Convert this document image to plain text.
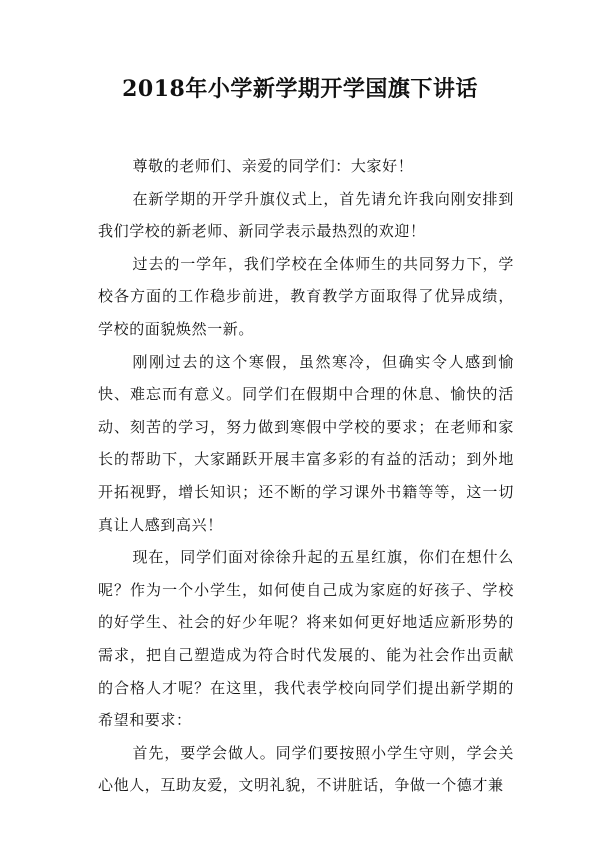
2018年小学新学期开学国旗下讲话

尊敬的老师们、亲爱的同学们：大家好！

在新学期的开学升旗仪式上，首先请允许我向刚安排到我们学校的新老师、新同学表示最热烈的欢迎！

过去的一学年，我们学校在全体师生的共同努力下，学校各方面的工作稳步前进，教育教学方面取得了优异成绩，学校的面貌焕然一新。

刚刚过去的这个寒假，虽然寒冷，但确实令人感到愉快、难忘而有意义。同学们在假期中合理的休息、愉快的活动、刻苦的学习，努力做到寒假中学校的要求；在老师和家长的帮助下，大家踊跃开展丰富多彩的有益的活动；到外地开拓视野，增长知识；还不断的学习课外书籍等等，这一切真让人感到高兴！

现在，同学们面对徐徐升起的五星红旗，你们在想什么呢？作为一个小学生，如何使自己成为家庭的好孩子、学校的好学生、社会的好少年呢？将来如何更好地适应新形势的需求，把自己塑造成为符合时代发展的、能为社会作出贡献的合格人才呢？在这里，我代表学校向同学们提出新学期的希望和要求：

首先，要学会做人。同学们要按照小学生守则，学会关心他人，互助友爱，文明礼貌，不讲脏话，争做一个德才兼
